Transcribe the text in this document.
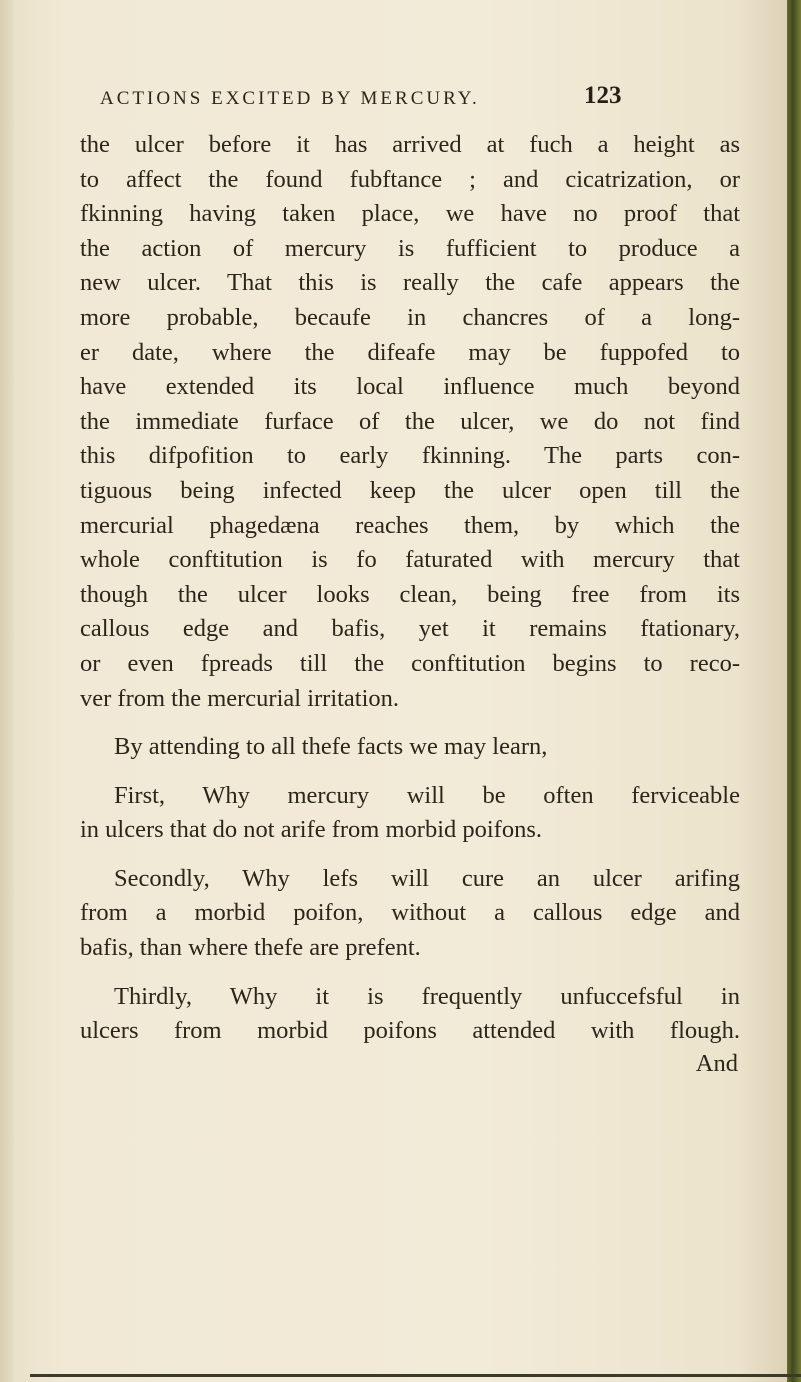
ACTIONS EXCITED BY MERCURY.	123
the ulcer before it has arrived at fuch a height as
to affect the found fubftance ; and cicatrization, or
fkinning having taken place, we have no proof that
the action of mercury is fufficient to produce a
new ulcer. That this is really the cafe appears the
more probable, becaufe in chancres of a long-
er date, where the difeafe may be fuppofed to
have extended its local influence much beyond
the immediate furface of the ulcer, we do not find
this difpofition to early fkinning. The parts con-
tiguous being infected keep the ulcer open till the
mercurial phagedæna reaches them, by which the
whole conftitution is fo faturated with mercury that
though the ulcer looks clean, being free from its
callous edge and bafis, yet it remains ftationary,
or even fpreads till the conftitution begins to reco-
ver from the mercurial irritation.
By attending to all thefe facts we may learn,
First, Why mercury will be often ferviceable
in ulcers that do not arife from morbid poifons.
Secondly, Why lefs will cure an ulcer arifing
from a morbid poifon, without a callous edge and
bafis, than where thefe are prefent.
Thirdly, Why it is frequently unfuccefsful in
ulcers from morbid poifons attended with flough.
And
